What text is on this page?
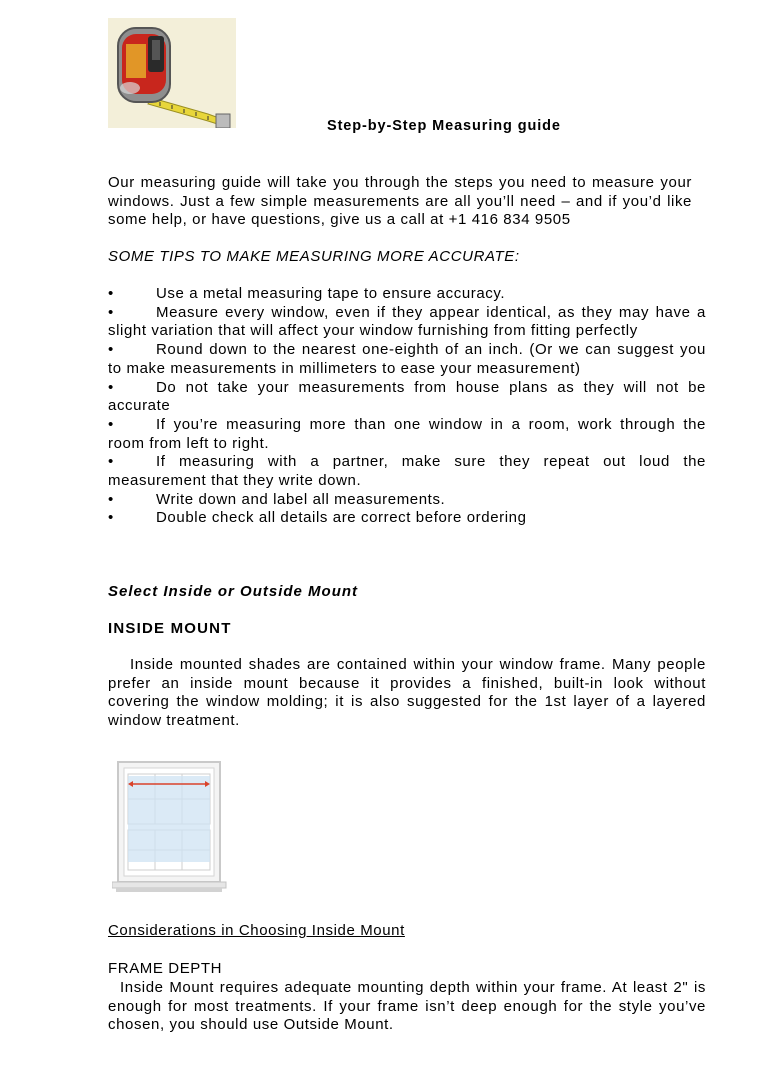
Step-by-Step Measuring guide
Our measuring guide will take you through the steps you need to measure your windows. Just a few simple measurements are all you’ll need – and if you’d like some help, or have questions, give us a call at +1 416 834 9505
SOME TIPS TO MAKE MEASURING MORE ACCURATE:
•	Use a metal measuring tape to ensure accuracy.
•	Measure every window, even if they appear identical, as they may have a slight variation that will affect your window furnishing from fitting perfectly
•	Round down to the nearest one-eighth of an inch. (Or we can suggest you to make measurements in millimeters to ease your measurement)
•	Do not take your measurements from house plans as they will not be accurate
•	If you’re measuring more than one window in a room, work through the room from left to right.
•	If measuring with a partner, make sure they repeat out loud the measurement that they write down.
•	Write down and label all measurements.
•	Double check all details are correct before ordering
Select Inside or Outside Mount
INSIDE MOUNT
Inside mounted shades are contained within your window frame. Many people prefer an inside mount because it provides a finished, built-in look without covering the window molding; it is also suggested for the 1st layer of a layered window treatment.
Considerations in Choosing Inside Mount
FRAME DEPTH
Inside Mount requires adequate mounting depth within your frame. At least 2" is enough for most treatments. If your frame isn’t deep enough for the style you’ve chosen, you should use Outside Mount.
